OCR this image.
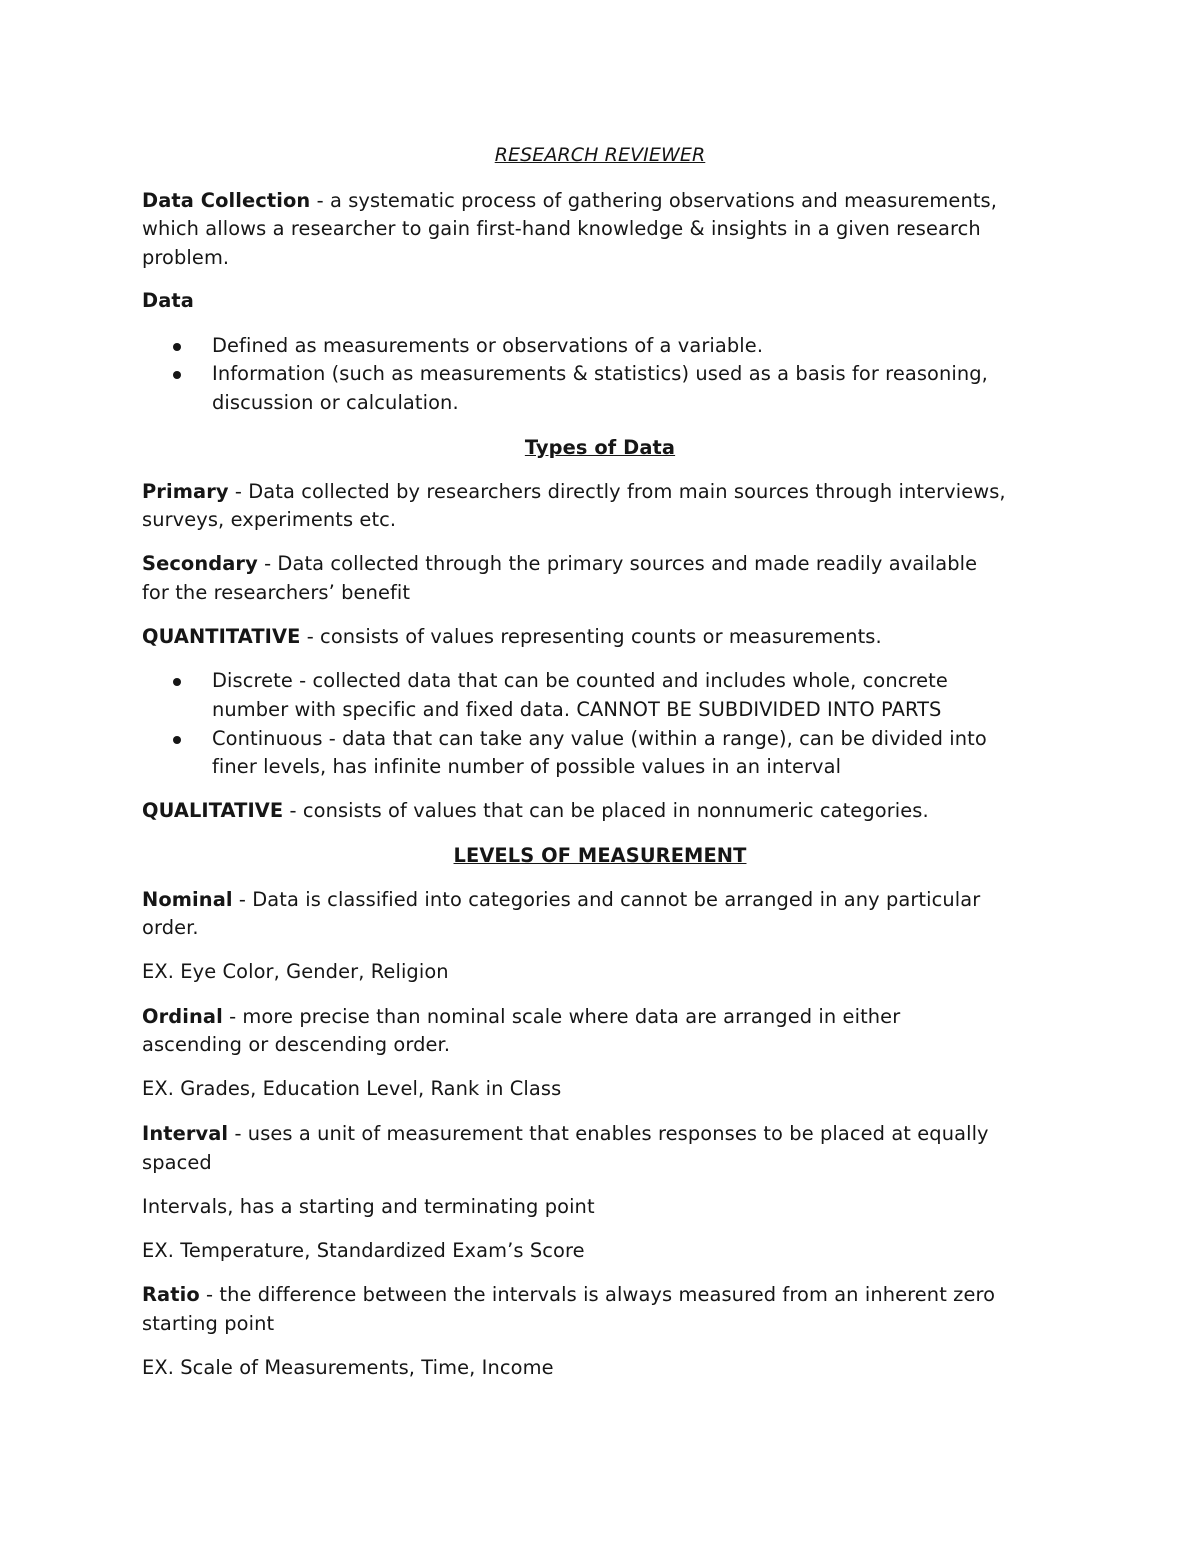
RESEARCH REVIEWER
Data Collection - a systematic process of gathering observations and measurements,
which allows a researcher to gain first-hand knowledge & insights in a given research
problem.
Data
Defined as measurements or observations of a variable.
Information (such as measurements & statistics) used as a basis for reasoning,
discussion or calculation.
Types of Data
Primary - Data collected by researchers directly from main sources through interviews,
surveys, experiments etc.
Secondary - Data collected through the primary sources and made readily available
for the researchers’ benefit
QUANTITATIVE - consists of values representing counts or measurements.
Discrete - collected data that can be counted and includes whole, concrete
number with specific and fixed data. CANNOT BE SUBDIVIDED INTO PARTS
Continuous - data that can take any value (within a range), can be divided into
finer levels, has infinite number of possible values in an interval
QUALITATIVE - consists of values that can be placed in nonnumeric categories.
LEVELS OF MEASUREMENT
Nominal - Data is classified into categories and cannot be arranged in any particular
order.
EX. Eye Color, Gender, Religion
Ordinal - more precise than nominal scale where data are arranged in either
ascending or descending order.
EX. Grades, Education Level, Rank in Class
Interval - uses a unit of measurement that enables responses to be placed at equally
spaced
Intervals, has a starting and terminating point
EX. Temperature, Standardized Exam’s Score
Ratio - the difference between the intervals is always measured from an inherent zero
starting point
EX. Scale of Measurements, Time, Income
